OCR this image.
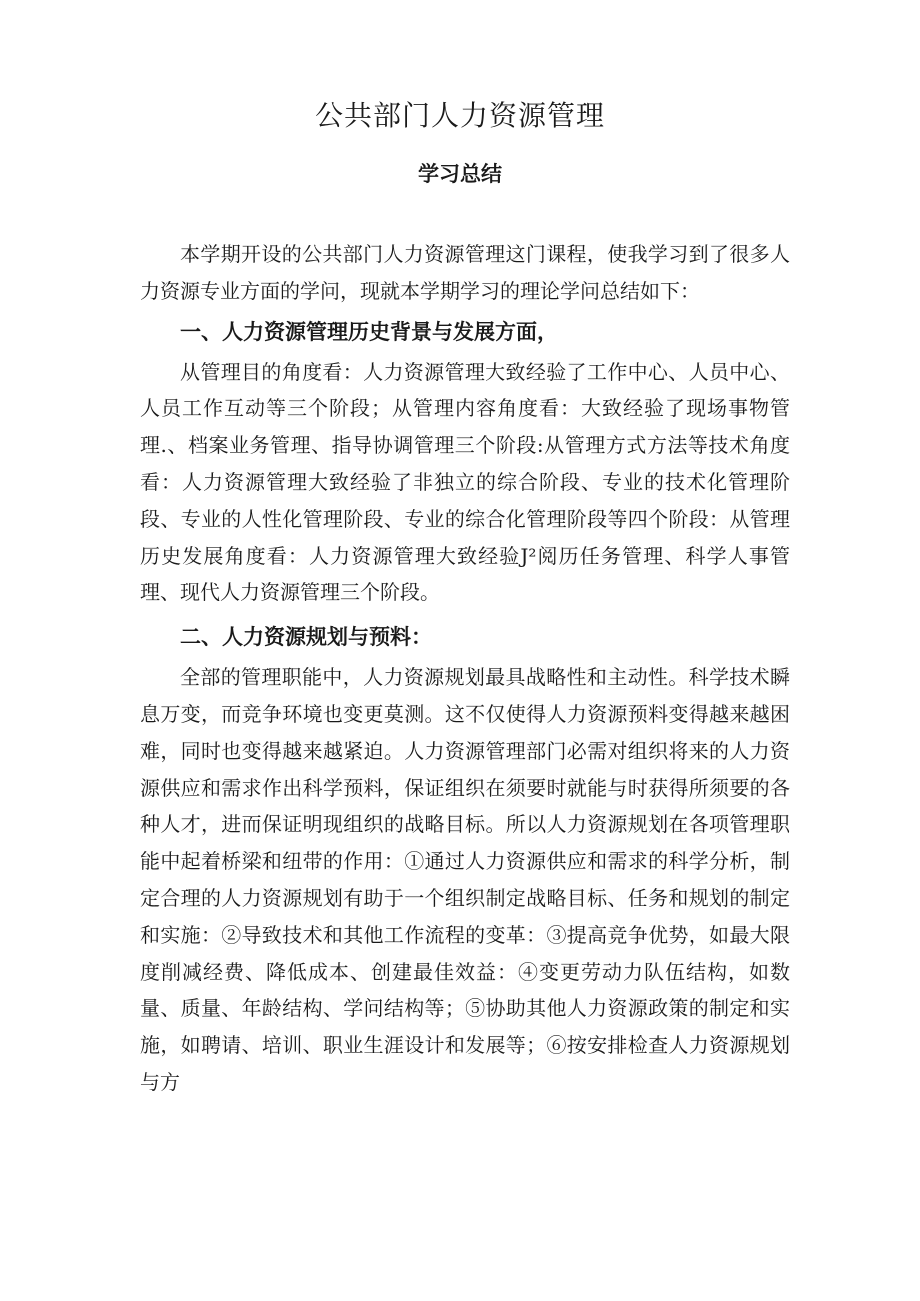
公共部门人力资源管理
学习总结

本学期开设的公共部门人力资源管理这门课程，使我学习到了很多人力资源专业方面的学问，现就本学期学习的理论学问总结如下：

一、人力资源管理历史背景与发展方面，

从管理目的角度看：人力资源管理大致经验了工作中心、人员中心、人员工作互动等三个阶段；从管理内容角度看：大致经验了现场事物管理.、档案业务管理、指导协调管理三个阶段:从管理方式方法等技术角度看：人力资源管理大致经验了非独立的综合阶段、专业的技术化管理阶段、专业的人性化管理阶段、专业的综合化管理阶段等四个阶段：从管理历史发展角度看：人力资源管理大致经验J²阅历任务管理、科学人事管理、现代人力资源管理三个阶段。

二、人力资源规划与预料：

全部的管理职能中，人力资源规划最具战略性和主动性。科学技术瞬息万变，而竞争环境也变更莫测。这不仅使得人力资源预料变得越来越困难，同时也变得越来越紧迫。人力资源管理部门必需对组织将来的人力资源供应和需求作出科学预料，保证组织在须要时就能与时获得所须要的各种人才，进而保证明现组织的战略目标。所以人力资源规划在各项管理职能中起着桥梁和纽带的作用：①通过人力资源供应和需求的科学分析，制定合理的人力资源规划有助于一个组织制定战略目标、任务和规划的制定和实施：②导致技术和其他工作流程的变革：③提高竞争优势，如最大限度削减经费、降低成本、创建最佳效益：④变更劳动力队伍结构，如数量、质量、年龄结构、学问结构等；⑤协助其他人力资源政策的制定和实施，如聘请、培训、职业生涯设计和发展等；⑥按安排检查人力资源规划与方
